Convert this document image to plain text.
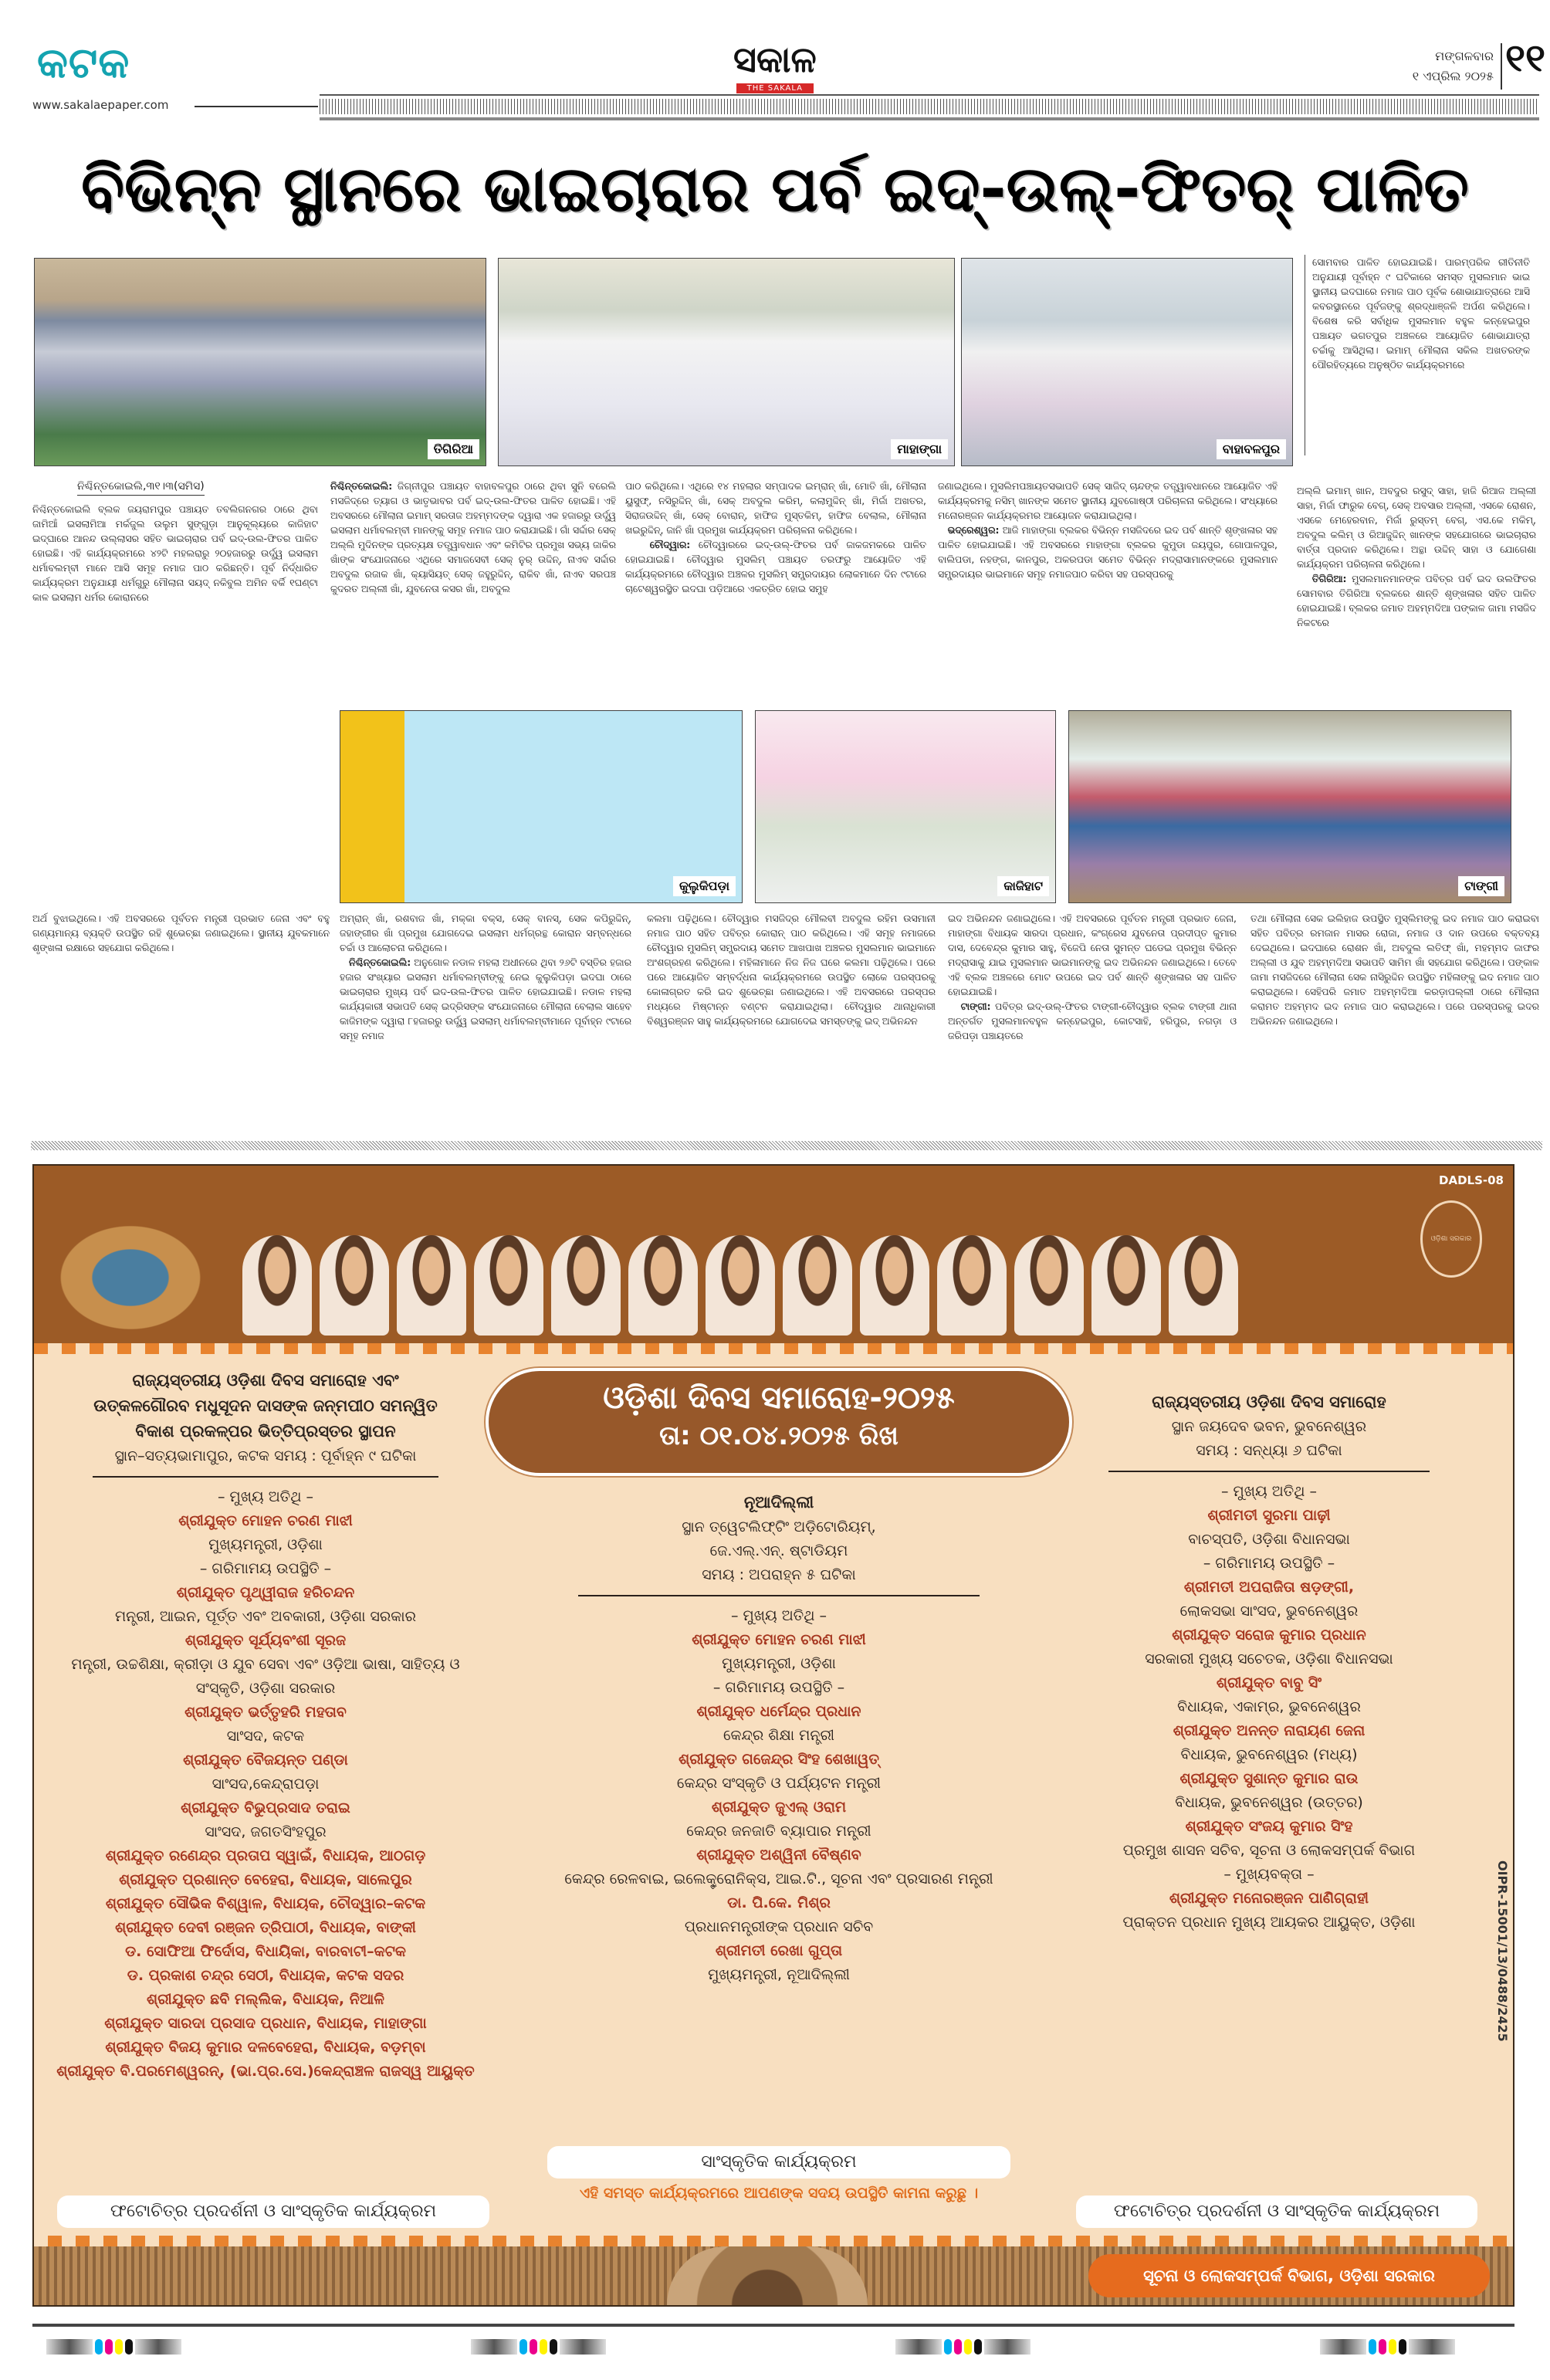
କଟକ
www.sakalaepaper.com
ସକାଳ
THE SAKALA
ମଙ୍ଗଳବାର
୧ ଏପ୍ରିଲ ୨୦୨୫ ୧୧
ବିଭିନ୍ନ ସ୍ଥାନରେ ଭାଇଚାରାର ପର୍ବ ଇଦ୍-ଉଲ୍-ଫିତର୍ ପାଳିତ
ତିଗିରିଆ	ମାହାଙ୍ଗା	ବାହାବଳପୁର
କୁଲୁକିପଡ଼ା	କାଜିହାଟ	ଟାଙ୍ଗୀ
ନିଶ୍ଚିନ୍ତକୋଇଲି,୩୧।୩(ସମିସ)
ନିଶ୍ଚିନ୍ତକୋଇଲି ବ୍ଲକ ଜୟରାମପୁର ପଞ୍ଚାୟତ ତବଲିଗନଗର ଠାରେ ଥିବା ଜାମିଆଁ ଇସଲାମିଆ ମର୍କଜୁଲ ଉଲୁମ ସୁଙ୍ଗୁଡ଼ା ଆନୁକୂଲ୍ୟରେ କାଜିହାଟ ଇଦ୍‌ଘାରେ ଆନନ୍ଦ ଉଲ୍ଲାସର ସହିତ ଭାଇଚାରାର ପର୍ବ ଇଦ୍-ଉଲ-ଫିତର ପାଳିତ ହୋଇଛି। ଏହି କାର୍ଯ୍ୟକ୍ରମରେ ୪୨ଟି ମହଲରାରୁ ୨୦ହଜାରରୁ ଉର୍ଦ୍ଧ୍ୱ ଇସଲାମ ଧର୍ମାବଲମ୍ବୀ ମାନେ ଆସି ସମୂହ ନମାଜ ପାଠ କରିଛନ୍ତି। ପୂର୍ବ ନିର୍ଦ୍ଧାରିତ କାର୍ଯ୍ୟକ୍ରମ ଅନୁଯାୟୀ ଧର୍ମଗୁରୁ ମୌଲାନା ସୟଦ୍ ନକିବୁଲ ଅମିନ ବର୍କି ୧ଘଣ୍ଟା କାଳ ଇସଲାମ ଧର୍ମର କୋରାନରେ
ନିଶ୍ଚିନ୍ତକୋଇଲି: ଜିଗ୍ନୀପୁର ପଞ୍ଚାୟତ ବାହାବଳପୁର ଠାରେ ଥିବା ସୁନି ବରେଲି ମସଜିଦ୍‌ରେ ତ୍ୟାଗ ଓ ଭାତୃଭାବର ପର୍ବ ଇଦ୍-ଉଲ-ଫିତର ପାଳିତ ହୋଇଛି। ଏହି ଅବସରରେ ମୌଲାନା ଇମାମ୍ ସରତାଜ ଅହମ୍ମଦଙ୍କ ଦ୍ୱାରା ଏକ ହଜାରରୁ ଉର୍ଦ୍ଧ୍ୱ ଇସଲାମ ଧର୍ମାବଲମ୍ବୀ ମାନଙ୍କୁ ସମୂହ ନମାଜ ପାଠ କରାଯାଇଛି। ଗାଁ ସର୍ଦ୍ଦାର ସେକ୍ ଅଲ୍ଲି ମୁଦିନଙ୍କ ପ୍ରତ୍ୟକ୍ଷ ତତ୍ତ୍ୱାବଧାନ ଏବଂ କମିଟିର ପ୍ରମୁଖ ସଭ୍ୟ ଜାକିର ଖାଁଙ୍କ ସଂଯୋଜନାରେ ଏଥିରେ ସମାଜସେବୀ ସେକ୍ ନୁର୍ ଉଦ୍ଦିନ୍, ନାଏବ ସର୍ଦ୍ଦାର ଅବଦୁଲ ରଜାକ ଖାଁ, କ୍ୟାସିୟତ୍ ସେକ୍ ଜହୁରୁଦ୍ଦିନ୍, ରାକିବ ଖାଁ, ନାଏବ ସରପଞ୍ଚ କୁଦରତ ଅଲ୍ଲୀ ଖାଁ, ଯୁବନେତା କସର ଖାଁ, ଅବଦୁଲ
ପାଠ କରିଥିଲେ। ଏଥିରେ ୧୪ ମହଲାର ସମ୍ପାଦକ ଇମ୍ରାନ୍ ଖାଁ, ମୋତି ଖାଁ, ମୌଲାନା ୟୁସୁଫ୍, ନସିରୁଦ୍ଦିନ୍ ଖାଁ, ସେକ୍ ଅବଦୁଲ କରିମ୍, କଲାମୁଦ୍ଦିନ୍ ଖାଁ, ମିର୍ଜା ଅଖତର, ସିରାଜଉଦ୍ଦିନ୍ ଖାଁ, ସେକ୍ ବୋରାନ୍, ହାଫିଜ ମୁସ୍ତକିମ୍, ହାଫିଜ ବେଲାଲ, ମୌଲାନା ଖଇରୁଦ୍ଦିନ୍, ଜାନି ଖାଁ ପ୍ରମୁଖ କାର୍ଯ୍ୟକ୍ରମ ପରିଚାଳନା କରିଥିଲେ।
ଚୌଦ୍ୱାର: ଚୌଦ୍ୱାରରେ ଇଦ୍-ଉଲ୍-ଫିତର ପର୍ବ ଜାକଜମକରେ ପାଳିତ ହୋଇଯାଇଛି। ଚୌଦ୍ୱାର ମୁସଲିମ୍ ପଞ୍ଚାୟତ ତରଫରୁ ଆୟୋଜିତ ଏହି କାର୍ଯ୍ୟକ୍ରମରେ ଚୌଦ୍ୱାର ଅଞ୍ଚଳର ମୁସଲିମ୍ ସମ୍ପ୍ରଦାୟର ଲୋକମାନେ ଦିନ ୯ଟାରେ ଚାଟେଶ୍ୱରସ୍ଥିତ ଇଦଘା ପଡ଼ିଆରେ ଏକତ୍ରିତ ହୋଇ ସମୁହ
ଜଣାଇଥିଲେ। ମୁସଲିମପଞ୍ଚାୟତସଭାପତି ସେକ୍ ସାଜିଦ୍ ଚାନ୍ଦଙ୍କ ତତ୍ତ୍ୱାବଧାନରେ ଆୟୋଜିତ ଏହି କାର୍ଯ୍ୟକ୍ରମକୁ ନସିମ୍ ଖାନଙ୍କ ସମେତ ସ୍ଥାନୀୟ ଯୁବଗୋଷ୍ଠୀ ପରିଚାଳନା କରିଥିଲେ। ସଂଧ୍ୟାରେ ମନୋରଞ୍ଜନ କାର୍ଯ୍ୟକ୍ରମର ଆୟୋଜନ କରାଯାଇଥିଲା।
ଭଦ୍ରେଶ୍ୱର: ଆଜି ମାହାଙ୍ଗା ବ୍ଲକର ବିଭିନ୍ନ ମସଜିଦରେ ଇଦ ପର୍ବ ଶାନ୍ତି ଶୃଙ୍ଖଳାର ସହ ପାଳିତ ହୋଇଯାଇଛି। ଏହି ଅବସରରେ ମାହାଙ୍ଗା ବ୍ଲକର କୁମୁଡା ଜୟପୁର, ଗୋପାଳପୁର, ବାଲିପଡା, ନହଙ୍ଗ, କାନପୁର, ଅକରପଡା ସମେତ ବିଭିନ୍ନ ମଦ୍ରାସାମାନଙ୍କରେ ମୁସଲମାନ ସମ୍ପ୍ରଦାୟର ଭାଇମାନେ ସମୂହ ନମାଜପାଠ କରିବା ସହ ପରସ୍ପରକୁ
ସୋମବାର ପାଳିତ ହୋଇଯାଇଛି। ପାରମ୍ପରିକ ରୀତିନୀତି ଅନୁଯାୟୀ ପୂର୍ବାହ୍ନ ୯ ଘଟିକାରେ ସମସ୍ତ ମୁସଲମାନ ଭାଇ ସ୍ଥାନୀୟ ଇଦଘାରେ ନମାଜ ପାଠ ପୂର୍ବକ ଶୋଭାଯାତ୍ରାରେ ଆସି କବରସ୍ଥାନରେ ପୂର୍ବଜଙ୍କୁ ଶ୍ରଦ୍ଧାଞ୍ଜଳି ଅର୍ପଣ କରିଥିଲେ। ବିଶେଷ କରି ସର୍ବାଧିକ ମୁସଲମାନ ବହୁଳ କନ୍ହେଇପୁର ପଞ୍ଚାୟତ ଭଗତପୁର ଅଞ୍ଚଳରେ ଆୟୋଜିତ ଶୋଭାଯାତ୍ରା ଚର୍ଚ୍ଚାକୁ ଆସିଥିଲା। ଇମାମ୍ ମୌଲାନା ସକିଲ ଅଖତରଙ୍କ ପୌରହିତ୍ୟରେ ଅନୁଷ୍ଠିତ କାର୍ଯ୍ୟକ୍ରମରେ
ଅଲ୍ଲି ଇମାମ୍ ଖାନ, ଅବଦୁର ରସୁଦ୍ ସାହା, ହାଜି ରିଆଜ ଅଲ୍ଲୀ ସାହା, ମିର୍ଜା ଫାରୁକ ବେଗ୍, ସେକ୍ ଅବସାର ଅଲ୍ଲୀ, ଏସକେ ରୋଶନ, ଏସକେ ମେହେରବାନ, ମିର୍ଜା ରୁସ୍ତମ୍ ବେଗ୍, ଏସ.କେ ମକିମ୍, ଅବଦୁଲ କଲିମ୍ ଓ ରିଆଜୁଦ୍ଦିନ୍ ଖାନଙ୍କ ସହଯୋଗରେ ଭାଇଚାରାର ବାର୍ତ୍ତା ପ୍ରଦାନ କରିଥିଲେ। ଅନ୍ଥା ଉଦ୍ଦିନ୍ ସାହା ଓ ଯୋଗେଶା କାର୍ଯ୍ୟକ୍ରମ ପରିଚାଳନା କରିଥିଲେ।
ତିଗିରିଆ: ମୁସଲମାନମାନଙ୍କ ପବିତ୍ର ପର୍ବ ଇଦ ଉଲଫିତର ସୋମବାର ତିଗିରିଆ ବ୍ଲକରେ ଶାନ୍ତି ଶୃଙ୍ଖଳାର ସହିତ ପାଳିତ ହୋଇଯାଇଛି। ବ୍ଲକର ଜମାତ ଅହମ୍ମଦିଆ ପଙ୍କାଳ ଜାମା ମସଜିଦ ନିକଟରେ
ଅର୍ଥ ବୁଝାଇଥିଲେ। ଏହି ଅବସରରେ ପୂର୍ବତନ ମନ୍ତ୍ରୀ ପ୍ରଭାତ ଜେନା ଏବଂ ବହୁ ଗଣ୍ୟମାନ୍ୟ ବ୍ୟକ୍ତି ଉପସ୍ଥିତ ରହି ଶୁଭେଚ୍ଛା ଜଣାଇଥିଲେ। ସ୍ଥାନୀୟ ଯୁବକମାନେ ଶୃଙ୍ଖଳା ରକ୍ଷାରେ ସହଯୋଗ କରିଥିଲେ।
ଅମ୍ରାନ୍ ଖାଁ, ରଶବାଜ ଖାଁ, ମକ୍କା ବକ୍ସ, ସେକ୍ ବାନସ୍, ସେକ କପିରୁଦ୍ଦିନ୍, ଜହାଙ୍ଗୀର ଖାଁ ପ୍ରମୁଖ ଯୋଗଦେଇ ଇସଲାମ ଧର୍ମଗ୍ରନ୍ଥ କୋରାନ ସମ୍ବନ୍ଧରେ ଚର୍ଚ୍ଚା ଓ ଆଲୋଚନା କରିଥିଲେ।
ନିଶ୍ଚିନ୍ତକୋଇଲି: ଅନୁଗୋଳ ନଡାଳ ମହଲା ଅଧୀନରେ ଥିବା ୨୬ଟି ବସ୍ତିର ହଜାର ହଜାର ସଂଖ୍ୟାର ଇସଲାମ ଧର୍ମାବଲମ୍ବୀଙ୍କୁ ନେଇ କୁଲୁକିପଡ଼ା ଇଦଘା ଠାରେ ଭାଇଚାରାର ମୁଖ୍ୟ ପର୍ବ ଇଦ-ଉଲ-ଫିତର ପାଳିତ ହୋଇଯାଇଛି। ନଡାଳ ମହଲା କାର୍ଯ୍ୟକାରୀ ସଭାପତି ସେକ୍ ଇଦ୍ରିସଙ୍କ ସଂଯୋଜନାରେ ମୌଲାନା ବେଲାଲ ସାହେବ କାଜିମଙ୍କ ଦ୍ୱାରା ୮ହଜାରରୁ ଉର୍ଦ୍ଧ୍ୱ ଇସଲାମ୍ ଧର୍ମାବଲମ୍ବୀମାନେ ପୂର୍ବାହ୍ନ ୯ଟାରେ ସମୂହ ନମାଜ
କଲମା ପଢ଼ିଥିଲେ। ଚୌଦ୍ୱାର ମସଜିଦ୍‌ର ମୌଲବୀ ଅବଦୁଲ ରହିମ ଉସମାନୀ ନମାଜ ପାଠ ସହିତ ପବିତ୍ର କୋରାନ୍ ପାଠ କରିଥିଲେ। ଏହି ସମୂହ ନମାଜରେ ଚୌଦ୍ୱାର ମୁସଲିମ୍ ସମ୍ପ୍ରଦାୟ ସମେତ ଆଖପାଖ ଅଞ୍ଚଳର ମୁସଲମାନ ଭାଇମାନେ ଅଂଶଗ୍ରହଣ କରିଥିଲେ। ମହିଳାମାନେ ନିଜ ନିଜ ଘରେ କଲମା ପଢ଼ିଥିଲେ। ପରେ ପରେ ଆୟୋଜିତ ସମ୍ବର୍ଦ୍ଧନା କାର୍ଯ୍ୟକ୍ରମରେ ଉପସ୍ଥିତ ଲୋକେ ପରସ୍ପରକୁ କୋଳାଗ୍ରତ କରି ଇଦ ଶୁଭେଚ୍ଛା ଜଣାଇଥିଲେ। ଏହି ଅବସରରେ ପରସ୍ପର ମଧ୍ୟରେ ମିଷ୍ଟାନ୍ନ ବଣ୍ଟନ କରାଯାଇଥିଲା। ଚୌଦ୍ୱାର ଥାନାଧିକାରୀ ବିଶ୍ୱରଞ୍ଜନ ସାହୁ କାର୍ଯ୍ୟକ୍ରମରେ ଯୋଗଦେଇ ସମସ୍ତଙ୍କୁ ଇଦ୍ ଅଭିନନ୍ଦନ
ଇଦ ଅଭିନନ୍ଦନ ଜଣାଇଥିଲେ। ଏହି ଅବସରରେ ପୂର୍ବତନ ମନ୍ତ୍ରୀ ପ୍ରଭାତ ଜେନା, ମାହାଙ୍ଗା ବିଧାୟକ ସାରଦା ପ୍ରଧାନ, କଂଗ୍ରେସ ଯୁବନେତା ପ୍ରଦୀପ୍ତ କୁମାର ଦାସ, ଦେବେନ୍ଦ୍ର କୁମାର ସାହୁ, ବିଜେପି ନେତା ସୁମନ୍ତ ଘଡେଇ ପ୍ରମୁଖ ବିଭିନ୍ନ ମଦ୍ରାସାକୁ ଯାଇ ମୁସଲମାନ ଭାଇମାନଙ୍କୁ ଇଦ ଅଭିନନ୍ଦନ ଜଣାଇଥିଲେ। ତେବେ ଏହି ବ୍ଲକ ଅଞ୍ଚଳରେ ମୋଟ ଉପରେ ଇଦ ପର୍ବ ଶାନ୍ତି ଶୃଙ୍ଖଳାର ସହ ପାଳିତ ହୋଇଯାଇଛି।
ଟାଙ୍ଗୀ: ପବିତ୍ର ଇଦ୍-ଉଲ୍-ଫିତର ଟାଙ୍ଗୀ-ଚୌଦ୍ୱାର ବ୍ଲକ ଟାଙ୍ଗୀ ଥାନା ଅନ୍ତର୍ଗତ ମୁସଲମାନବହୁଳ କନ୍ହେଇପୁର, କୋଟସାହି, ହରିପୁର, ନଗଡ଼ା ଓ ଜରିପଡ଼ା ପଞ୍ଚାୟତରେ
ତଥା ମୌଲାନା ସେକ ଇଲିହାଜ ଉପସ୍ଥିତ ମୁସ୍ଲିମଙ୍କୁ ଇଦ ନମାଜ ପାଠ କରାଇବା ସହିତ ପବିତ୍ର ରମଜାନ ମାସର ରୋଜା, ନମାଜ ଓ ଦାନ ଉପରେ ବକ୍ତବ୍ୟ ଦେଇଥିଲେ। ଇଦଘାରେ ରୋଶନ ଖାଁ, ଅବଦୁଲ ଲତିଫ୍ ଖାଁ, ମହମ୍ମଦ ଜାଫର ଅଲ୍ଲୀ ଓ ଯୁବ ଅହମ୍ମଦିଆ ସଭାପତି ସାମିମ ଖାଁ ସହଯୋଗ କରିଥିଲେ। ପଙ୍କାଳ ଜାମା ମସଜିଦରେ ମୌଲାନା ସେକ ନାସିରୁଦ୍ଦିନ ଉପସ୍ଥିତ ମହିଳାଙ୍କୁ ଇଦ ନମାଜ ପାଠ କରାଇଥିଲେ। ସେହିପରି ଜମାତ ଅହମ୍ମଦିଆ କରଡ଼ାପଲ୍ଲୀ ଠାରେ ମୌଲାନା କରାମତ ଅହମ୍ମଦ ଇଦ ନମାଜ ପାଠ କରାଇଥିଲେ। ପରେ ପରସ୍ପରକୁ ଇଦର ଅଭିନନ୍ଦନ ଜଣାଇଥିଲେ।
DADLS-08
ଓଡ଼ିଶା ସରକାର
ଓଡ଼ିଶା ଦିବସ ସମାରୋହ-୨୦୨୫
ତା: ୦୧.୦୪.୨୦୨୫ ରିଖ
ରାଜ୍ୟସ୍ତରୀୟ ଓଡ଼ିଶା ଦିବସ ସମାରୋହ ଏବଂ
ଉତ୍କଳଗୌରବ ମଧୁସୂଦନ ଦାସଙ୍କ ଜନ୍ମପୀଠ ସମନ୍ୱିତ
ବିକାଶ ପ୍ରକଳ୍ପର ଭିତ୍ତିପ୍ରସ୍ତର ସ୍ଥାପନ
ସ୍ଥାନ–ସତ୍ୟଭାମାପୁର, କଟକ ସମୟ : ପୂର୍ବାହ୍ନ ୯ ଘଟିକା
– ମୁଖ୍ୟ ଅତିଥି –
ଶ୍ରୀଯୁକ୍ତ ମୋହନ ଚରଣ ମାଝୀ
ମୁଖ୍ୟମନ୍ତ୍ରୀ, ଓଡ଼ିଶା
– ଗରିମାମୟ ଉପସ୍ଥିତି –
ଶ୍ରୀଯୁକ୍ତ ପୃଥ୍ୱୀରାଜ ହରିଚନ୍ଦନ
ମନ୍ତ୍ରୀ, ଆଇନ, ପୂର୍ତ୍ତ ଏବଂ ଅବକାରୀ, ଓଡ଼ିଶା ସରକାର
ଶ୍ରୀଯୁକ୍ତ ସୂର୍ଯ୍ୟବଂଶୀ ସୂରଜ
ମନ୍ତ୍ରୀ, ଉଚ୍ଚଶିକ୍ଷା, କ୍ରୀଡ଼ା ଓ ଯୁବ ସେବା ଏବଂ ଓଡ଼ିଆ ଭାଷା, ସାହିତ୍ୟ ଓ ସଂସ୍କୃତି, ଓଡ଼ିଶା ସରକାର
ଶ୍ରୀଯୁକ୍ତ ଭର୍ତ୍ତୃହରି ମହତାବ
ସାଂସଦ, କଟକ
ଶ୍ରୀଯୁକ୍ତ ବୈଜୟନ୍ତ ପଣ୍ଡା
ସାଂସଦ,କେନ୍ଦ୍ରାପଡ଼ା
ଶ୍ରୀଯୁକ୍ତ ବିଭୁପ୍ରସାଦ ତରାଇ
ସାଂସଦ, ଜଗତସିଂହପୁର
ଶ୍ରୀଯୁକ୍ତ ରଣେନ୍ଦ୍ର ପ୍ରତାପ ସ୍ୱାଇଁ, ବିଧାୟକ, ଆଠଗଡ଼
ଶ୍ରୀଯୁକ୍ତ ପ୍ରଶାନ୍ତ ବେହେରା, ବିଧାୟକ, ସାଲେପୁର
ଶ୍ରୀଯୁକ୍ତ ସୌଭିକ ବିଶ୍ୱାଳ, ବିଧାୟକ, ଚୌଦ୍ୱାର–କଟକ
ଶ୍ରୀଯୁକ୍ତ ଦେବୀ ରଞ୍ଜନ ତ୍ରିପାଠୀ, ବିଧାୟକ, ବାଙ୍କୀ
ଡ. ସୋଫିଆ ଫିର୍ଦୋସ, ବିଧାୟିକା, ବାରବାଟୀ–କଟକ
ଡ. ପ୍ରକାଶ ଚନ୍ଦ୍ର ସେଠୀ, ବିଧାୟକ, କଟକ ସଦର
ଶ୍ରୀଯୁକ୍ତ ଛବି ମଲ୍ଲିକ, ବିଧାୟକ, ନିଆଳି
ଶ୍ରୀଯୁକ୍ତ ସାରଦା ପ୍ରସାଦ ପ୍ରଧାନ, ବିଧାୟକ, ମାହାଙ୍ଗା
ଶ୍ରୀଯୁକ୍ତ ବିଜୟ କୁମାର ଦଳବେହେରା, ବିଧାୟକ, ବଡ଼ମ୍ବା
ଶ୍ରୀଯୁକ୍ତ ବି.ପରମେଶ୍ୱରନ୍, (ଭା.ପ୍ର.ସେ.)କେନ୍ଦ୍ରାଞ୍ଚଳ ରାଜସ୍ୱ ଆୟୁକ୍ତ
ନୂଆଦିଲ୍ଲୀ
ସ୍ଥାନ ତ୍ୱେଟଲିଫ୍ଟିଂ ଅଡ଼ିଟୋରିୟମ୍,
ଜେ.ଏଲ୍.ଏନ୍. ଷ୍ଟାଡିୟମ
ସମୟ : ଅପରାହ୍ନ ୫ ଘଟିକା
– ମୁଖ୍ୟ ଅତିଥି –
ଶ୍ରୀଯୁକ୍ତ ମୋହନ ଚରଣ ମାଝୀ
ମୁଖ୍ୟମନ୍ତ୍ରୀ, ଓଡ଼ିଶା
– ଗରିମାମୟ ଉପସ୍ଥିତି –
ଶ୍ରୀଯୁକ୍ତ ଧର୍ମେନ୍ଦ୍ର ପ୍ରଧାନ
କେନ୍ଦ୍ର ଶିକ୍ଷା ମନ୍ତ୍ରୀ
ଶ୍ରୀଯୁକ୍ତ ଗଜେନ୍ଦ୍ର ସିଂହ ଶେଖାୱତ୍
କେନ୍ଦ୍ର ସଂସ୍କୃତି ଓ ପର୍ଯ୍ୟଟନ ମନ୍ତ୍ରୀ
ଶ୍ରୀଯୁକ୍ତ ଜୁଏଲ୍ ଓରାମ
କେନ୍ଦ୍ର ଜନଜାତି ବ୍ୟାପାର ମନ୍ତ୍ରୀ
ଶ୍ରୀଯୁକ୍ତ ଅଶ୍ୱିନୀ ବୈଷ୍ଣବ
କେନ୍ଦ୍ର ରେଳବାଇ, ଇଲେକ୍ଟ୍ରୋନିକ୍ସ, ଆଇ.ଟି., ସୂଚନା ଏବଂ ପ୍ରସାରଣ ମନ୍ତ୍ରୀ
ଡା. ପି.କେ. ମିଶ୍ର
ପ୍ରଧାନମନ୍ତ୍ରୀଙ୍କ ପ୍ରଧାନ ସଚିବ
ଶ୍ରୀମତୀ ରେଖା ଗୁପ୍ତା
ମୁଖ୍ୟମନ୍ତ୍ରୀ, ନୂଆଦିଲ୍ଲୀ
ରାଜ୍ୟସ୍ତରୀୟ ଓଡ଼ିଶା ଦିବସ ସମାରୋହ
ସ୍ଥାନ ଜୟଦେବ ଭବନ, ଭୁବନେଶ୍ୱର
ସମୟ : ସନ୍ଧ୍ୟା ୬ ଘଟିକା
– ମୁଖ୍ୟ ଅତିଥି –
ଶ୍ରୀମତୀ ସୁରମା ପାଢ଼ୀ
ବାଚସ୍ପତି, ଓଡ଼ିଶା ବିଧାନସଭା
– ଗରିମାମୟ ଉପସ୍ଥିତି –
ଶ୍ରୀମତୀ ଅପରାଜିତା ଷଡ଼ଙ୍ଗୀ,
ଲୋକସଭା ସାଂସଦ, ଭୁବନେଶ୍ୱର
ଶ୍ରୀଯୁକ୍ତ ସରୋଜ କୁମାର ପ୍ରଧାନ
ସରକାରୀ ମୁଖ୍ୟ ସଚେତକ, ଓଡ଼ିଶା ବିଧାନସଭା
ଶ୍ରୀଯୁକ୍ତ ବାବୁ ସିଂ
ବିଧାୟକ, ଏକାମ୍ର, ଭୁବନେଶ୍ୱର
ଶ୍ରୀଯୁକ୍ତ ଅନନ୍ତ ନାରାୟଣ ଜେନା
ବିଧାୟକ, ଭୁବନେଶ୍ୱର (ମଧ୍ୟ)
ଶ୍ରୀଯୁକ୍ତ ସୁଶାନ୍ତ କୁମାର ରାଉ
ବିଧାୟକ, ଭୁବନେଶ୍ୱର (ଉତ୍ତର)
ଶ୍ରୀଯୁକ୍ତ ସଂଜୟ କୁମାର ସିଂହ
ପ୍ରମୁଖ ଶାସନ ସଚିବ, ସୂଚନା ଓ ଲୋକସମ୍ପର୍କ ବିଭାଗ
– ମୁଖ୍ୟବକ୍ତା –
ଶ୍ରୀଯୁକ୍ତ ମନୋରଞ୍ଜନ ପାଣିଗ୍ରାହୀ
ପ୍ରାକ୍ତନ ପ୍ରଧାନ ମୁଖ୍ୟ ଆୟକର ଆୟୁକ୍ତ, ଓଡ଼ିଶା
ସାଂସ୍କୃତିକ କାର୍ଯ୍ୟକ୍ରମ
ଏହି ସମସ୍ତ କାର୍ଯ୍ୟକ୍ରମରେ ଆପଣଙ୍କ ସଦୟ ଉପସ୍ଥିତି କାମନା କରୁଛୁ ।
ଫଟୋଚିତ୍ର ପ୍ରଦର୍ଶନୀ ଓ ସାଂସ୍କୃତିକ କାର୍ଯ୍ୟକ୍ରମ	ଫଟୋଚିତ୍ର ପ୍ରଦର୍ଶନୀ ଓ ସାଂସ୍କୃତିକ କାର୍ଯ୍ୟକ୍ରମ
OIPR-15001/13/0488/2425
ସୂଚନା ଓ ଲୋକସମ୍ପର୍କ ବିଭାଗ, ଓଡ଼ିଶା ସରକାର
